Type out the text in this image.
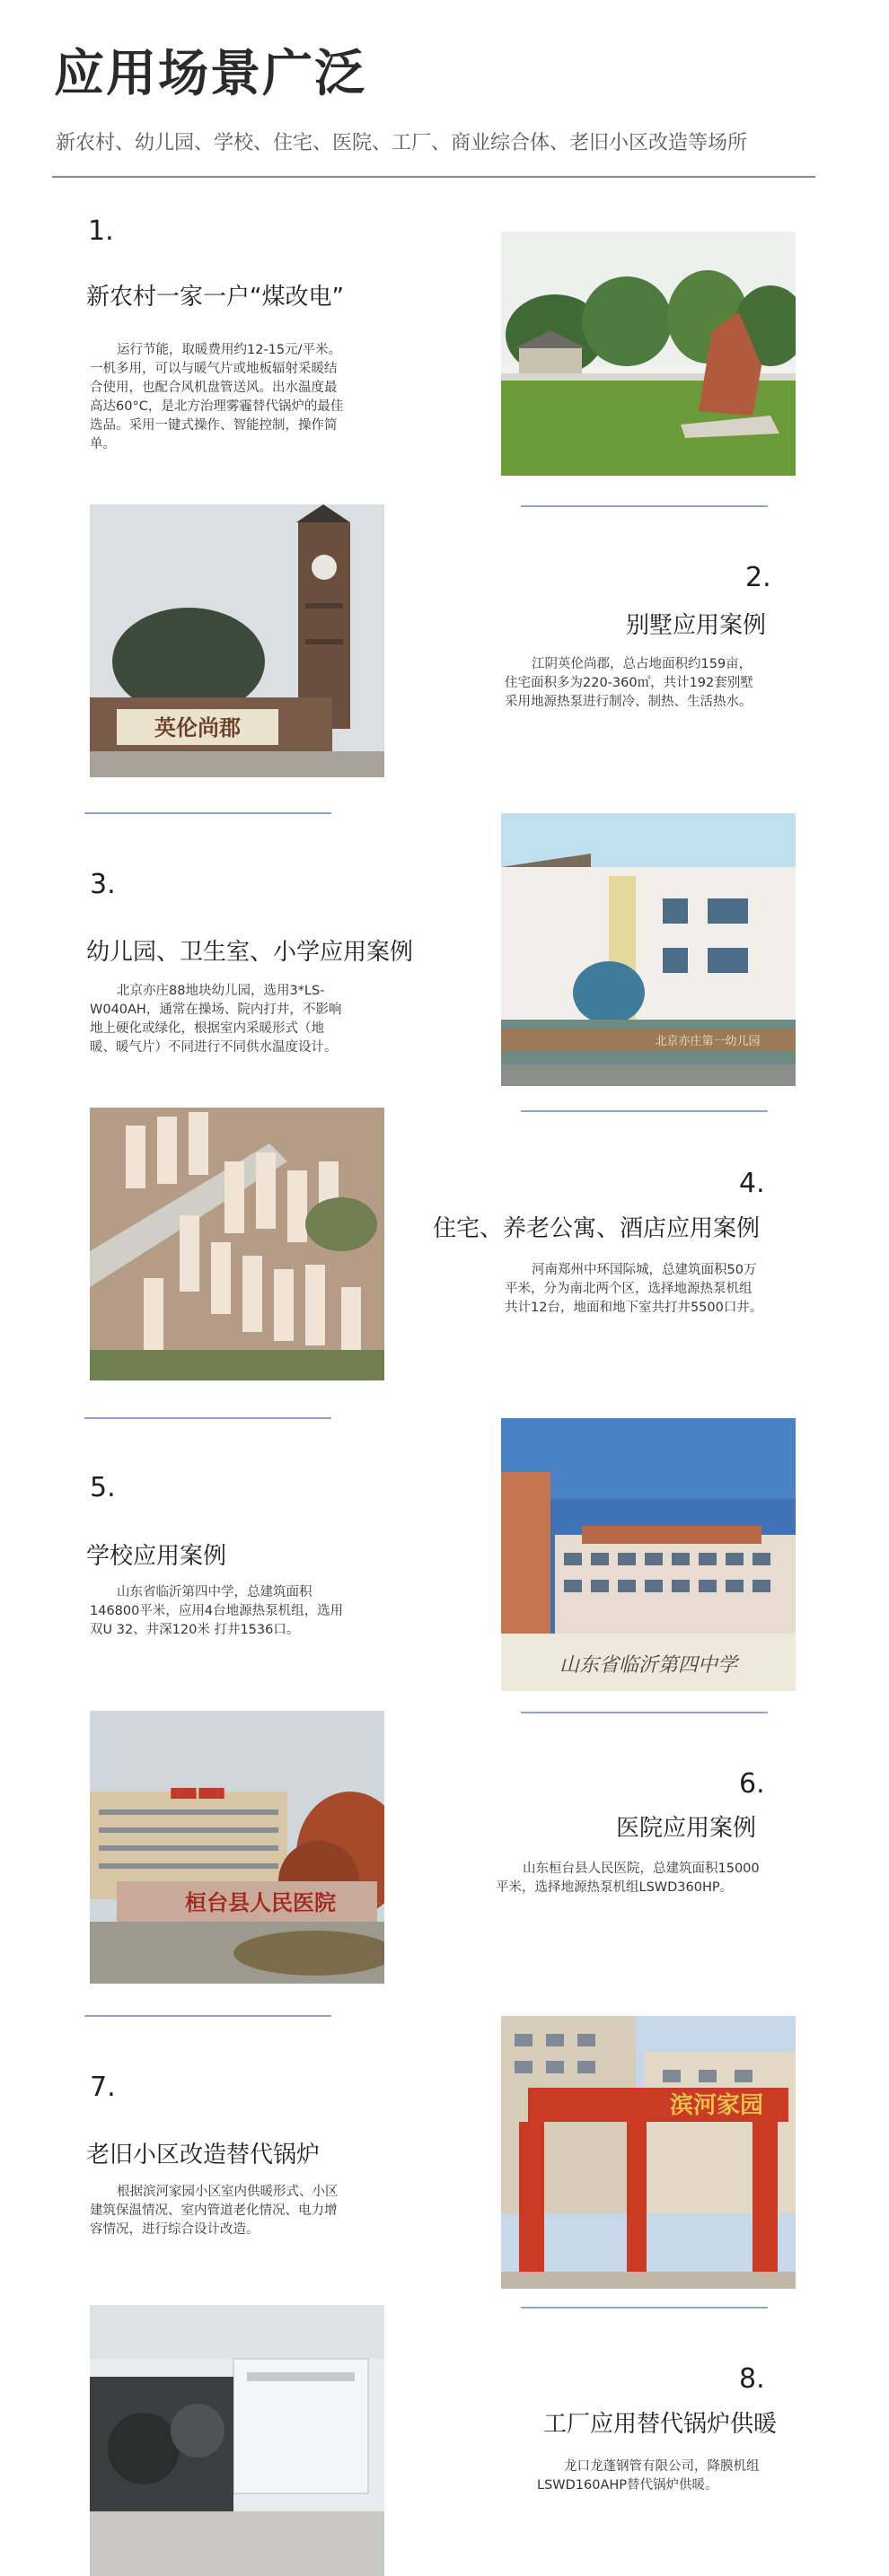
应用场景广泛
新农村、幼儿园、学校、住宅、医院、工厂、商业综合体、老旧小区改造等场所
1.
新农村一家一户“煤改电”
运行节能，取暖费用约12-15元/平米。
一机多用，可以与暖气片或地板辐射采暖结
合使用，也配合风机盘管送风。出水温度最
高达60°C，是北方治理雾霾替代锅炉的最佳
选品。采用一键式操作、智能控制，操作简
单。
英伦尚郡
2.
别墅应用案例
江阴英伦尚郡，总占地面积约159亩，
住宅面积多为220-360㎡，共计192套别墅
采用地源热泵进行制冷、制热、生活热水。
3.
幼儿园、卫生室、小学应用案例
北京亦庄88地块幼儿园，选用3*LS-
W040AH，通常在操场、院内打井，不影响
地上硬化或绿化，根据室内采暖形式（地
暖、暖气片）不同进行不同供水温度设计。	北京亦庄第一幼儿园
4.
住宅、养老公寓、酒店应用案例
河南郑州中环国际城，总建筑面积50万
平米，分为南北两个区，选择地源热泵机组
共计12台，地面和地下室共打井5500口井。
5.
学校应用案例
山东省临沂第四中学，总建筑面积
146800平米，应用4台地源热泵机组，选用
双U 32、井深120米 打井1536口。
山东省临沂第四中学
████ ████
桓台县人民医院
6.
医院应用案例
山东桓台县人民医院，总建筑面积15000
平米，选择地源热泵机组LSWD360HP。
7.
老旧小区改造替代锅炉
根据滨河家园小区室内供暖形式、小区
建筑保温情况、室内管道老化情况、电力增
容情况，进行综合设计改造。
滨河家园
8.
工厂应用替代锅炉供暖
龙口龙蓬钢管有限公司，降膜机组
LSWD160AHP替代锅炉供暖。
